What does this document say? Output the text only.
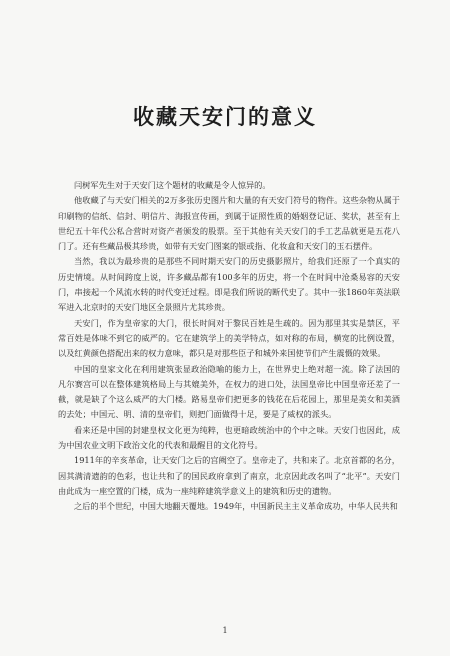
收藏天安门的意义

闫树军先生对于天安门这个题材的收藏是令人惊异的。

他收藏了与天安门相关的2万多张历史图片和大量的有天安门符号的物件。这些杂物从属于印刷物的信纸、信封、明信片、海报宣传画，到属于证照性质的婚姻登记证、奖状，甚至有上世纪五十年代公私合营时对资产者颁发的股票。至于其他有关天安门的手工艺品就更是五花八门了。还有些藏品极其珍贵，如带有天安门图案的银或指、化妆盒和天安门的玉石摆件。

当然，我以为最珍贵的是那些不同时期天安门的历史摄影照片，给我们还原了一个真实的历史情境。从时间跨度上说，许多藏品都有100多年的历史，将一个在时间中沧桑易容的天安门，串接起一个风流水转的时代变迁过程。即是我们所说的断代史了。其中一张1860年英法联军进入北京时的天安门地区全景照片尤其珍贵。

天安门，作为皇帝家的大门，很长时间对于黎民百姓是生疏的。因为那里其实是禁区，平常百姓是体味不到它的威严的。它在建筑学上的美学特点，如对称的布局，横宽的比例设置，以及红黄颜色搭配出来的权力意味，都只是对那些臣子和城外来国使节们产生震慑的效果。

中国的皇家文化在利用建筑张显政治隐喻的能力上，在世界史上绝对超一流。除了法国的凡尔赛宫可以在整体建筑格局上与其媲美外，在权力的进口处，法国皇帝比中国皇帝还差了一截，就是缺了个这么威严的大门楼。路易皇帝们把更多的钱花在后花园上，那里是美女和美酒的去处；中国元、明、清的皇帝们，则把门面做得十足，要是了威权的派头。

看来还是中国的封建皇权文化更为纯粹，也更暗政统治中的个中之味。天安门也因此，成为中国农业文明下政治文化的代表和最醒目的文化符号。

1911年的辛亥革命，让天安门之后的宫阙空了。皇帝走了，共和来了。北京首都的名分，因其满清遗韵的色彩，也让共和了的国民政府拿到了南京，北京因此改名叫了“北平”。天安门由此成为一座空置的门楼，成为一座纯粹建筑学意义上的建筑和历史的遗物。

之后的半个世纪，中国大地翻天覆地。1949年，中国新民主主义革命成功，中华人民共和

1
